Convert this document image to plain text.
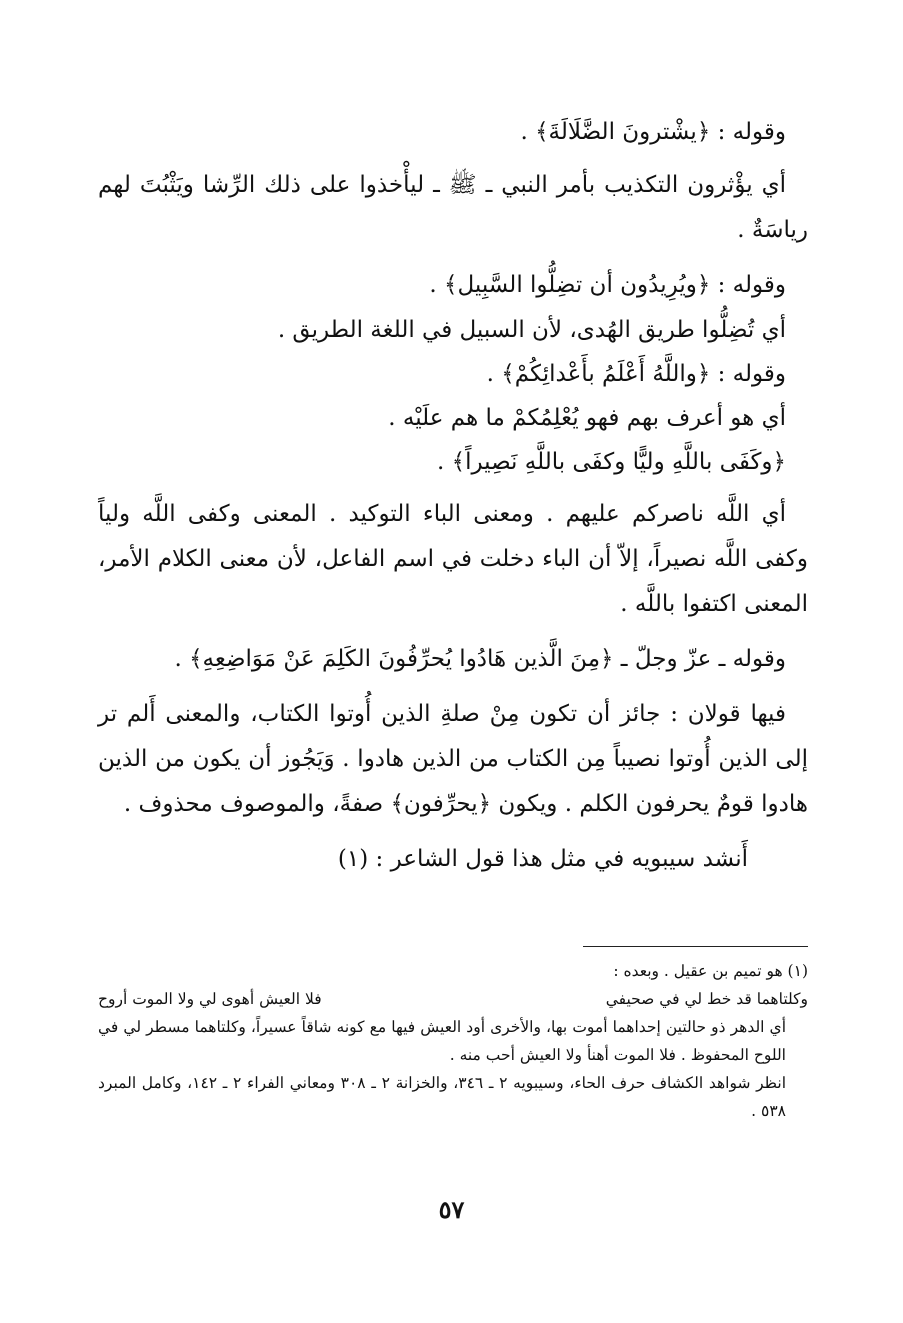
وقوله : ﴿يشْترونَ الضَّلَالَةَ﴾ .

أي يؤْثرون التكذيب بأمر النبي ـ ﷺ ـ ليأْخذوا على ذلك الرِّشا ويَثْبُتَ لهم رياسَةٌ .

وقوله : ﴿ويُرِيدُون أن تضِلُّوا السَّبِيل﴾ .

أي تُضِلُّوا طريق الهُدى، لأن السبيل في اللغة الطريق .

وقوله : ﴿واللَّهُ أَعْلَمُ بأَعْدائِكُمْ﴾ .

أي هو أعرف بهم فهو يُعْلِمُكمْ ما هم علَيْه .

﴿وكَفَى باللَّهِ وليًّا وكفَى باللَّهِ نَصِيراً﴾ .

أي اللَّه ناصركم عليهم . ومعنى الباء التوكيد . المعنى وكفى اللَّه ولياً وكفى اللَّه نصيراً، إلاّ أن الباء دخلت في اسم الفاعل، لأن معنى الكلام الأمر، المعنى اكتفوا باللَّه .

وقوله ـ عزّ وجلّ ـ ﴿مِنَ الَّذين هَادُوا يُحرِّفُونَ الكَلِمَ عَنْ مَوَاضِعِهِ﴾ .

فيها قولان : جائز أن تكون مِنْ صلةِ الذين أُوتوا الكتاب، والمعنى أَلم تر إلى الذين أُوتوا نصيباً مِن الكتاب من الذين هادوا . وَيَجُوز أن يكون من الذين هادوا قومٌ يحرفون الكلم . ويكون ﴿يحرِّفون﴾ صفةً، والموصوف محذوف .

أَنشد سيبويه في مثل هذا قول الشاعر : (١)

(١) هو تميم بن عقيل . وبعده :

وكلتاهما قد خط لي في صحيفي
فلا العيش أهوى لي ولا الموت أروح

أي الدهر ذو حالتين إحداهما أموت بها، والأخرى أود العيش فيها مع كونه شاقاً عسيراً، وكلتاهما مسطر لي في اللوح المحفوظ . فلا الموت أهنأ ولا العيش أحب منه .

انظر شواهد الكشاف حرف الحاء، وسيبويه ٢ ـ ٣٤٦، والخزانة ٢ ـ ٣٠٨ ومعاني الفراء ٢ ـ ١٤٢، وكامل المبرد ٥٣٨ .

٥٧
